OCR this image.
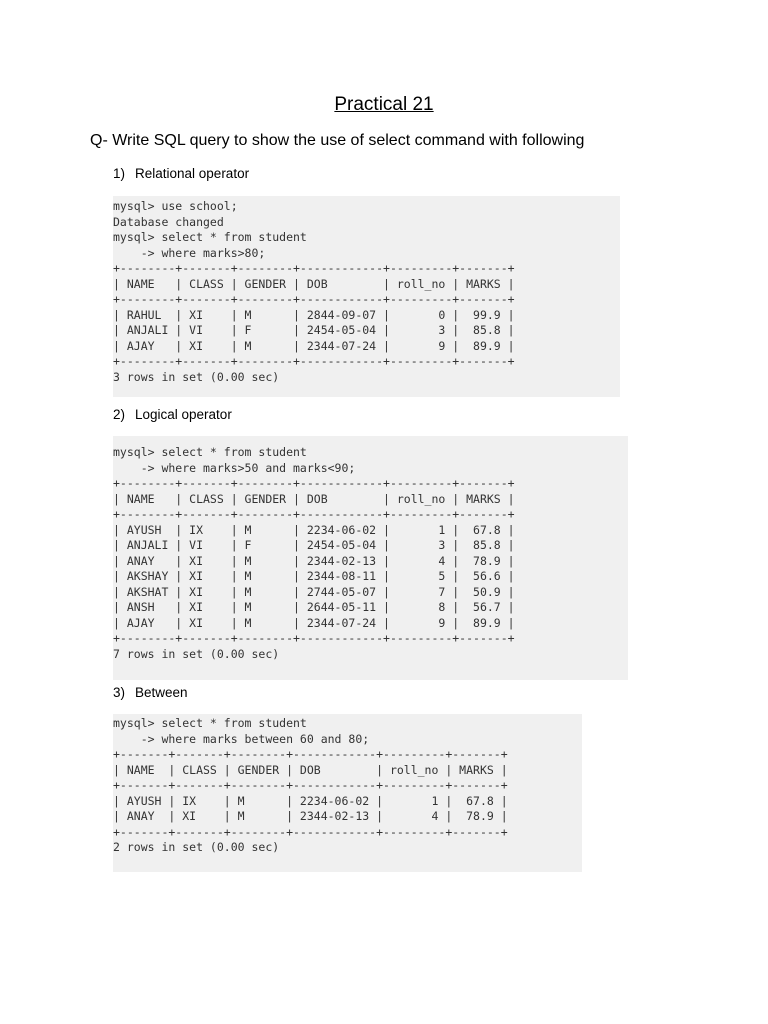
Practical 21
Q- Write SQL query to show the use of select command with following
1) Relational operator
mysql> use school;
Database changed
mysql> select * from student
-> where marks>80;
+--------+-------+--------+------------+---------+-------+
| NAME   | CLASS | GENDER | DOB        | roll_no | MARKS |
+--------+-------+--------+------------+---------+-------+
| RAHUL  | XI    | M      | 2844-09-07 |       0 |  99.9 |
| ANJALI | VI    | F      | 2454-05-04 |       3 |  85.8 |
| AJAY   | XI    | M      | 2344-07-24 |       9 |  89.9 |
+--------+-------+--------+------------+---------+-------+
3 rows in set (0.00 sec)
2) Logical operator
mysql> select * from student
-> where marks>50 and marks<90;
+--------+-------+--------+------------+---------+-------+
| NAME   | CLASS | GENDER | DOB        | roll_no | MARKS |
+--------+-------+--------+------------+---------+-------+
| AYUSH  | IX    | M      | 2234-06-02 |       1 |  67.8 |
| ANJALI | VI    | F      | 2454-05-04 |       3 |  85.8 |
| ANAY   | XI    | M      | 2344-02-13 |       4 |  78.9 |
| AKSHAY | XI    | M      | 2344-08-11 |       5 |  56.6 |
| AKSHAT | XI    | M      | 2744-05-07 |       7 |  50.9 |
| ANSH   | XI    | M      | 2644-05-11 |       8 |  56.7 |
| AJAY   | XI    | M      | 2344-07-24 |       9 |  89.9 |
+--------+-------+--------+------------+---------+-------+
7 rows in set (0.00 sec)
3) Between
mysql> select * from student
-> where marks between 60 and 80;
+-------+-------+--------+------------+---------+-------+
| NAME  | CLASS | GENDER | DOB        | roll_no | MARKS |
+-------+-------+--------+------------+---------+-------+
| AYUSH | IX    | M      | 2234-06-02 |       1 |  67.8 |
| ANAY  | XI    | M      | 2344-02-13 |       4 |  78.9 |
+-------+-------+--------+------------+---------+-------+
2 rows in set (0.00 sec)
